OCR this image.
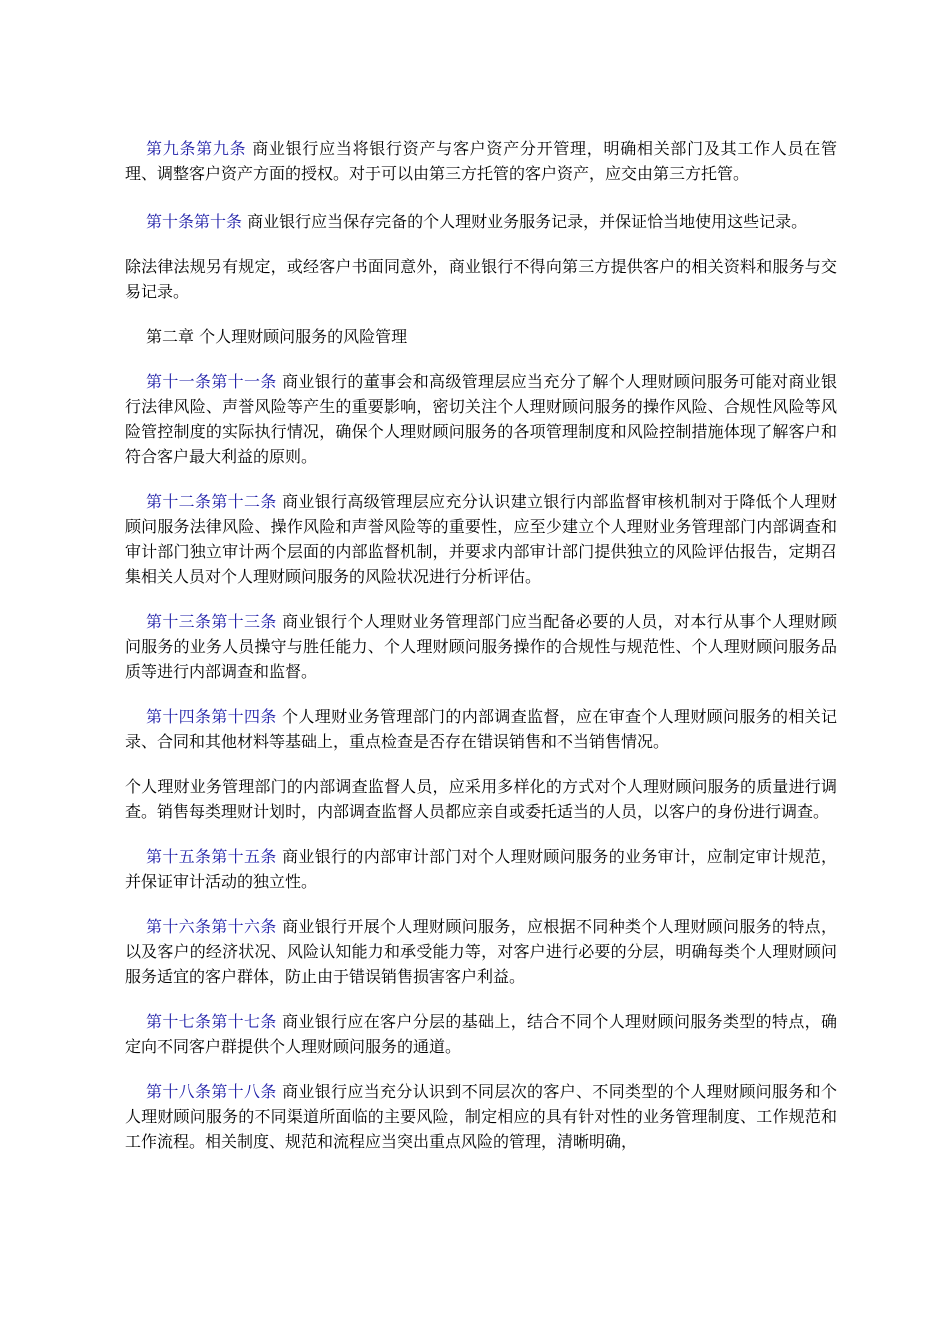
第九条第九条 商业银行应当将银行资产与客户资产分开管理，明确相关部门及其工作人员在管理、调整客户资产方面的授权。对于可以由第三方托管的客户资产，应交由第三方托管。

第十条第十条 商业银行应当保存完备的个人理财业务服务记录，并保证恰当地使用这些记录。

除法律法规另有规定，或经客户书面同意外，商业银行不得向第三方提供客户的相关资料和服务与交易记录。

第二章 个人理财顾问服务的风险管理

第十一条第十一条 商业银行的董事会和高级管理层应当充分了解个人理财顾问服务可能对商业银行法律风险、声誉风险等产生的重要影响，密切关注个人理财顾问服务的操作风险、合规性风险等风险管控制度的实际执行情况，确保个人理财顾问服务的各项管理制度和风险控制措施体现了解客户和符合客户最大利益的原则。

第十二条第十二条 商业银行高级管理层应充分认识建立银行内部监督审核机制对于降低个人理财顾问服务法律风险、操作风险和声誉风险等的重要性，应至少建立个人理财业务管理部门内部调查和审计部门独立审计两个层面的内部监督机制，并要求内部审计部门提供独立的风险评估报告，定期召集相关人员对个人理财顾问服务的风险状况进行分析评估。

第十三条第十三条 商业银行个人理财业务管理部门应当配备必要的人员，对本行从事个人理财顾问服务的业务人员操守与胜任能力、个人理财顾问服务操作的合规性与规范性、个人理财顾问服务品质等进行内部调查和监督。

第十四条第十四条 个人理财业务管理部门的内部调查监督，应在审查个人理财顾问服务的相关记录、合同和其他材料等基础上，重点检查是否存在错误销售和不当销售情况。

个人理财业务管理部门的内部调查监督人员，应采用多样化的方式对个人理财顾问服务的质量进行调查。销售每类理财计划时，内部调查监督人员都应亲自或委托适当的人员，以客户的身份进行调查。

第十五条第十五条 商业银行的内部审计部门对个人理财顾问服务的业务审计，应制定审计规范，并保证审计活动的独立性。

第十六条第十六条 商业银行开展个人理财顾问服务，应根据不同种类个人理财顾问服务的特点，以及客户的经济状况、风险认知能力和承受能力等，对客户进行必要的分层，明确每类个人理财顾问服务适宜的客户群体，防止由于错误销售损害客户利益。

第十七条第十七条 商业银行应在客户分层的基础上，结合不同个人理财顾问服务类型的特点，确定向不同客户群提供个人理财顾问服务的通道。

第十八条第十八条 商业银行应当充分认识到不同层次的客户、不同类型的个人理财顾问服务和个人理财顾问服务的不同渠道所面临的主要风险，制定相应的具有针对性的业务管理制度、工作规范和工作流程。相关制度、规范和流程应当突出重点风险的管理，清晰明确，
